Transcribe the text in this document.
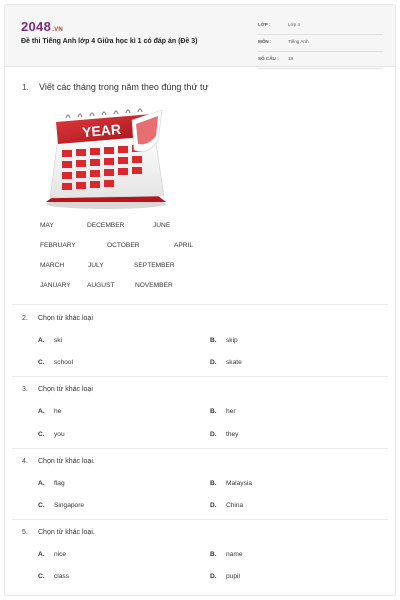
2048.VN
Đề thi Tiếng Anh lớp 4 Giữa học kì 1 có đáp án (Đề 3)
LỚP :	Lớp 4
MÔN :	Tiếng Anh
SỐ CÂU : 18
1. Viết các tháng trong năm theo đúng thứ tự
YEAR
MAY	DECEMBER	JUNE
FEBRUARY	OCTOBER	APRIL
MARCH	JULY	SEPTEMBER
JANUARY AUGUST	NOVEMBER
2. Chọn từ khác loại
A. ski	B. skip
C. school	D. skate
3. Chọn từ khác loại
A. he	B. her
C. you	D. they
4. Chọn từ khác loại.
A. flag	B. Malaysia
C. Singapore	D. China
5. Chọn từ khác loại.
A. nice	B. name
C. class	D. pupil
